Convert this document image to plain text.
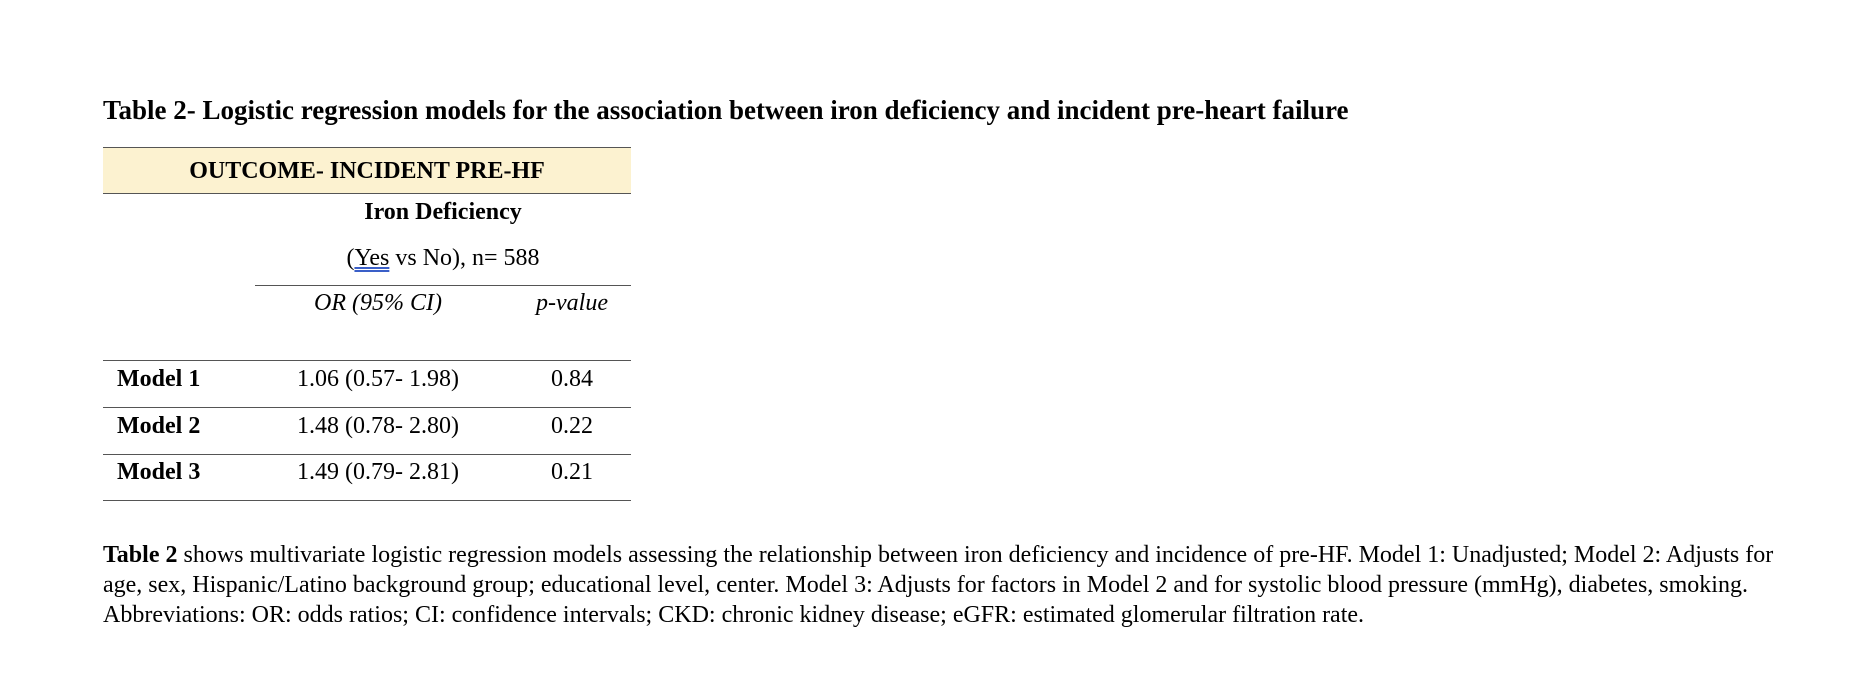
Table 2- Logistic regression models for the association between iron deficiency and incident pre-heart failure
OUTCOME- INCIDENT PRE-HF
Iron Deficiency
(Yes vs No), n= 588
OR (95% CI)	p-value
Model 1	1.06 (0.57- 1.98)	0.84
Model 2	1.48 (0.78- 2.80)	0.22
Model 3	1.49 (0.79- 2.81)	0.21
Table 2 shows multivariate logistic regression models assessing the relationship between iron deficiency and incidence of pre-HF. Model 1: Unadjusted; Model 2: Adjusts for age, sex, Hispanic/Latino background group; educational level, center. Model 3: Adjusts for factors in Model 2 and for systolic blood pressure (mmHg), diabetes, smoking. Abbreviations: OR: odds ratios; CI: confidence intervals; CKD: chronic kidney disease; eGFR: estimated glomerular filtration rate.
